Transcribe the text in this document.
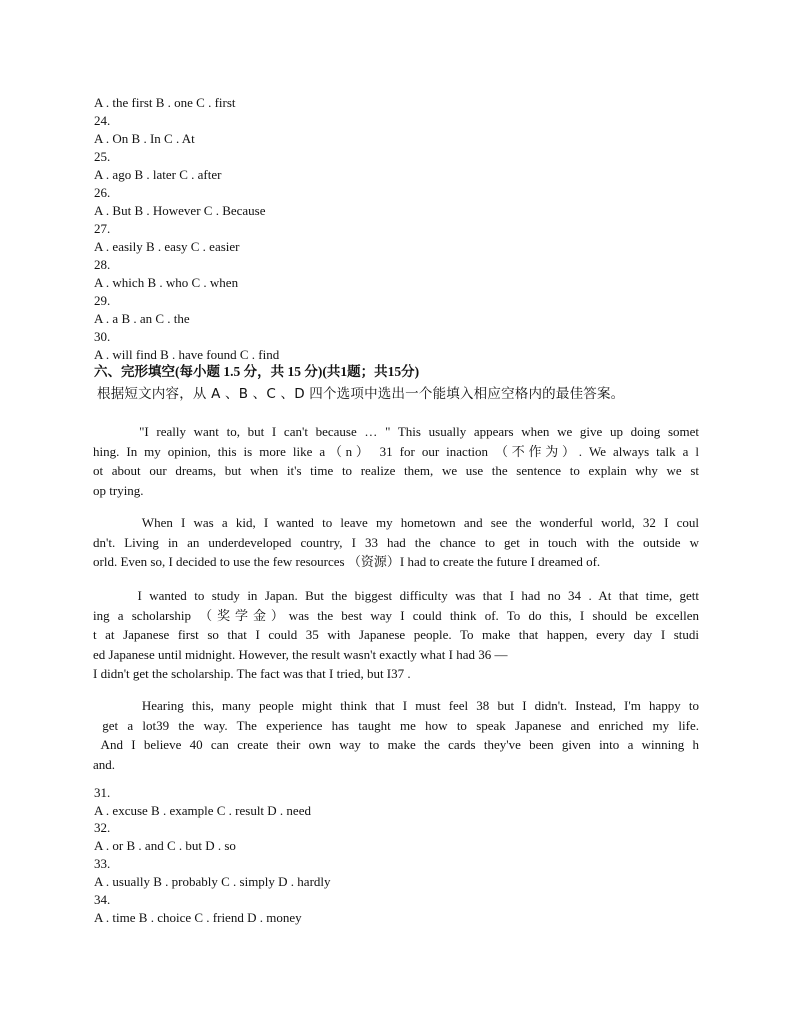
A . the first B . one C . first
24.
A . On B . In C . At
25.
A . ago B . later C . after
26.
A . But B . However C . Because
27.
A . easily B . easy C . easier
28.
A . which B . who C . when
29.
A . a B . an C . the
30.
A . will find B . have found C . find
六、完形填空(每小题 1.5 分，共 15 分)(共1题；共15分)
根据短文内容，从 A 、B 、C 、D 四个选项中选出一个能填入相应空格内的最佳答案。
"I really want to, but I can't because … " This usually appears when we give up doing somet
hing. In my opinion, this is more like a（n） 31 for our inaction （不作为）. We always talk a l
ot about our dreams, but when it's time to realize them, we use the sentence to explain why we st
op trying.
When I was a kid, I wanted to leave my hometown and see the wonderful world, 32 I coul
dn't. Living in an underdeveloped country, I 33 had the chance to get in touch with the outside w
orld. Even so, I decided to use the few resources （资源）I had to create the future I dreamed of.
I wanted to study in Japan. But the biggest difficulty was that I had no 34 . At that time, gett
ing a scholarship （奖学金）was the best way I could think of. To do this, I should be excellen
t at Japanese first so that I could 35 with Japanese people. To make that happen, every day I studi
ed Japanese until midnight. However, the result wasn't exactly what I had 36 —
I didn't get the scholarship. The fact was that I tried, but I37 .
Hearing this, many people might think that I must feel 38 but I didn't. Instead, I'm happy to
get a lot39 the way. The experience has taught me how to speak Japanese and enriched my life.
And I believe 40 can create their own way to make the cards they've been given into a winning h
and.
31.
A . excuse B . example C . result D . need
32.
A . or B . and C . but D . so
33.
A . usually B . probably C . simply D . hardly
34.
A . time B . choice C . friend D . money
